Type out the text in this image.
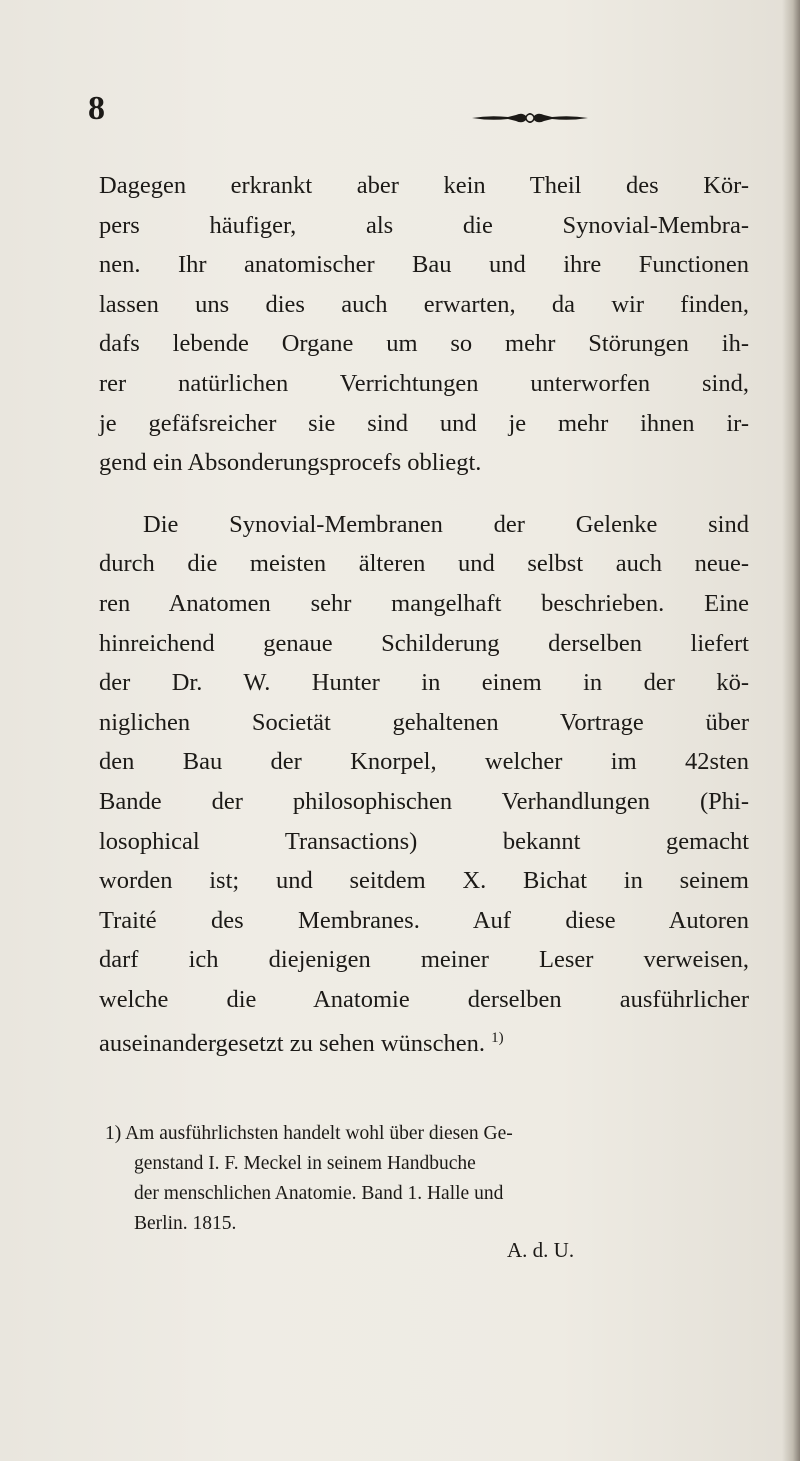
8
Dagegen erkrankt aber kein Theil des Kör-
pers häufiger, als die Synovial-Membra-
nen. Ihr anatomischer Bau und ihre Functionen
lassen uns dies auch erwarten, da wir finden,
dafs lebende Organe um so mehr Störungen ih-
rer natürlichen Verrichtungen unterworfen sind,
je gefäfsreicher sie sind und je mehr ihnen ir-
gend ein Absonderungsprocefs obliegt.
Die Synovial-Membranen der Gelenke sind
durch die meisten älteren und selbst auch neue-
ren Anatomen sehr mangelhaft beschrieben. Eine
hinreichend genaue Schilderung derselben liefert
der Dr. W. Hunter in einem in der kö-
niglichen Societät gehaltenen Vortrage über
den Bau der Knorpel, welcher im 42sten
Bande der philosophischen Verhandlungen (Phi-
losophical Transactions) bekannt gemacht
worden ist; und seitdem X. Bichat in seinem
Traité des Membranes. Auf diese Autoren
darf ich diejenigen meiner Leser verweisen,
welche die Anatomie derselben ausführlicher
auseinandergesetzt zu sehen wünschen. $^{1)}$
1) Am ausführlichsten handelt wohl über diesen Ge-
genstand I. F. Meckel in seinem Handbuche
der menschlichen Anatomie. Band 1. Halle und
Berlin. 1815.
A. d. U.
